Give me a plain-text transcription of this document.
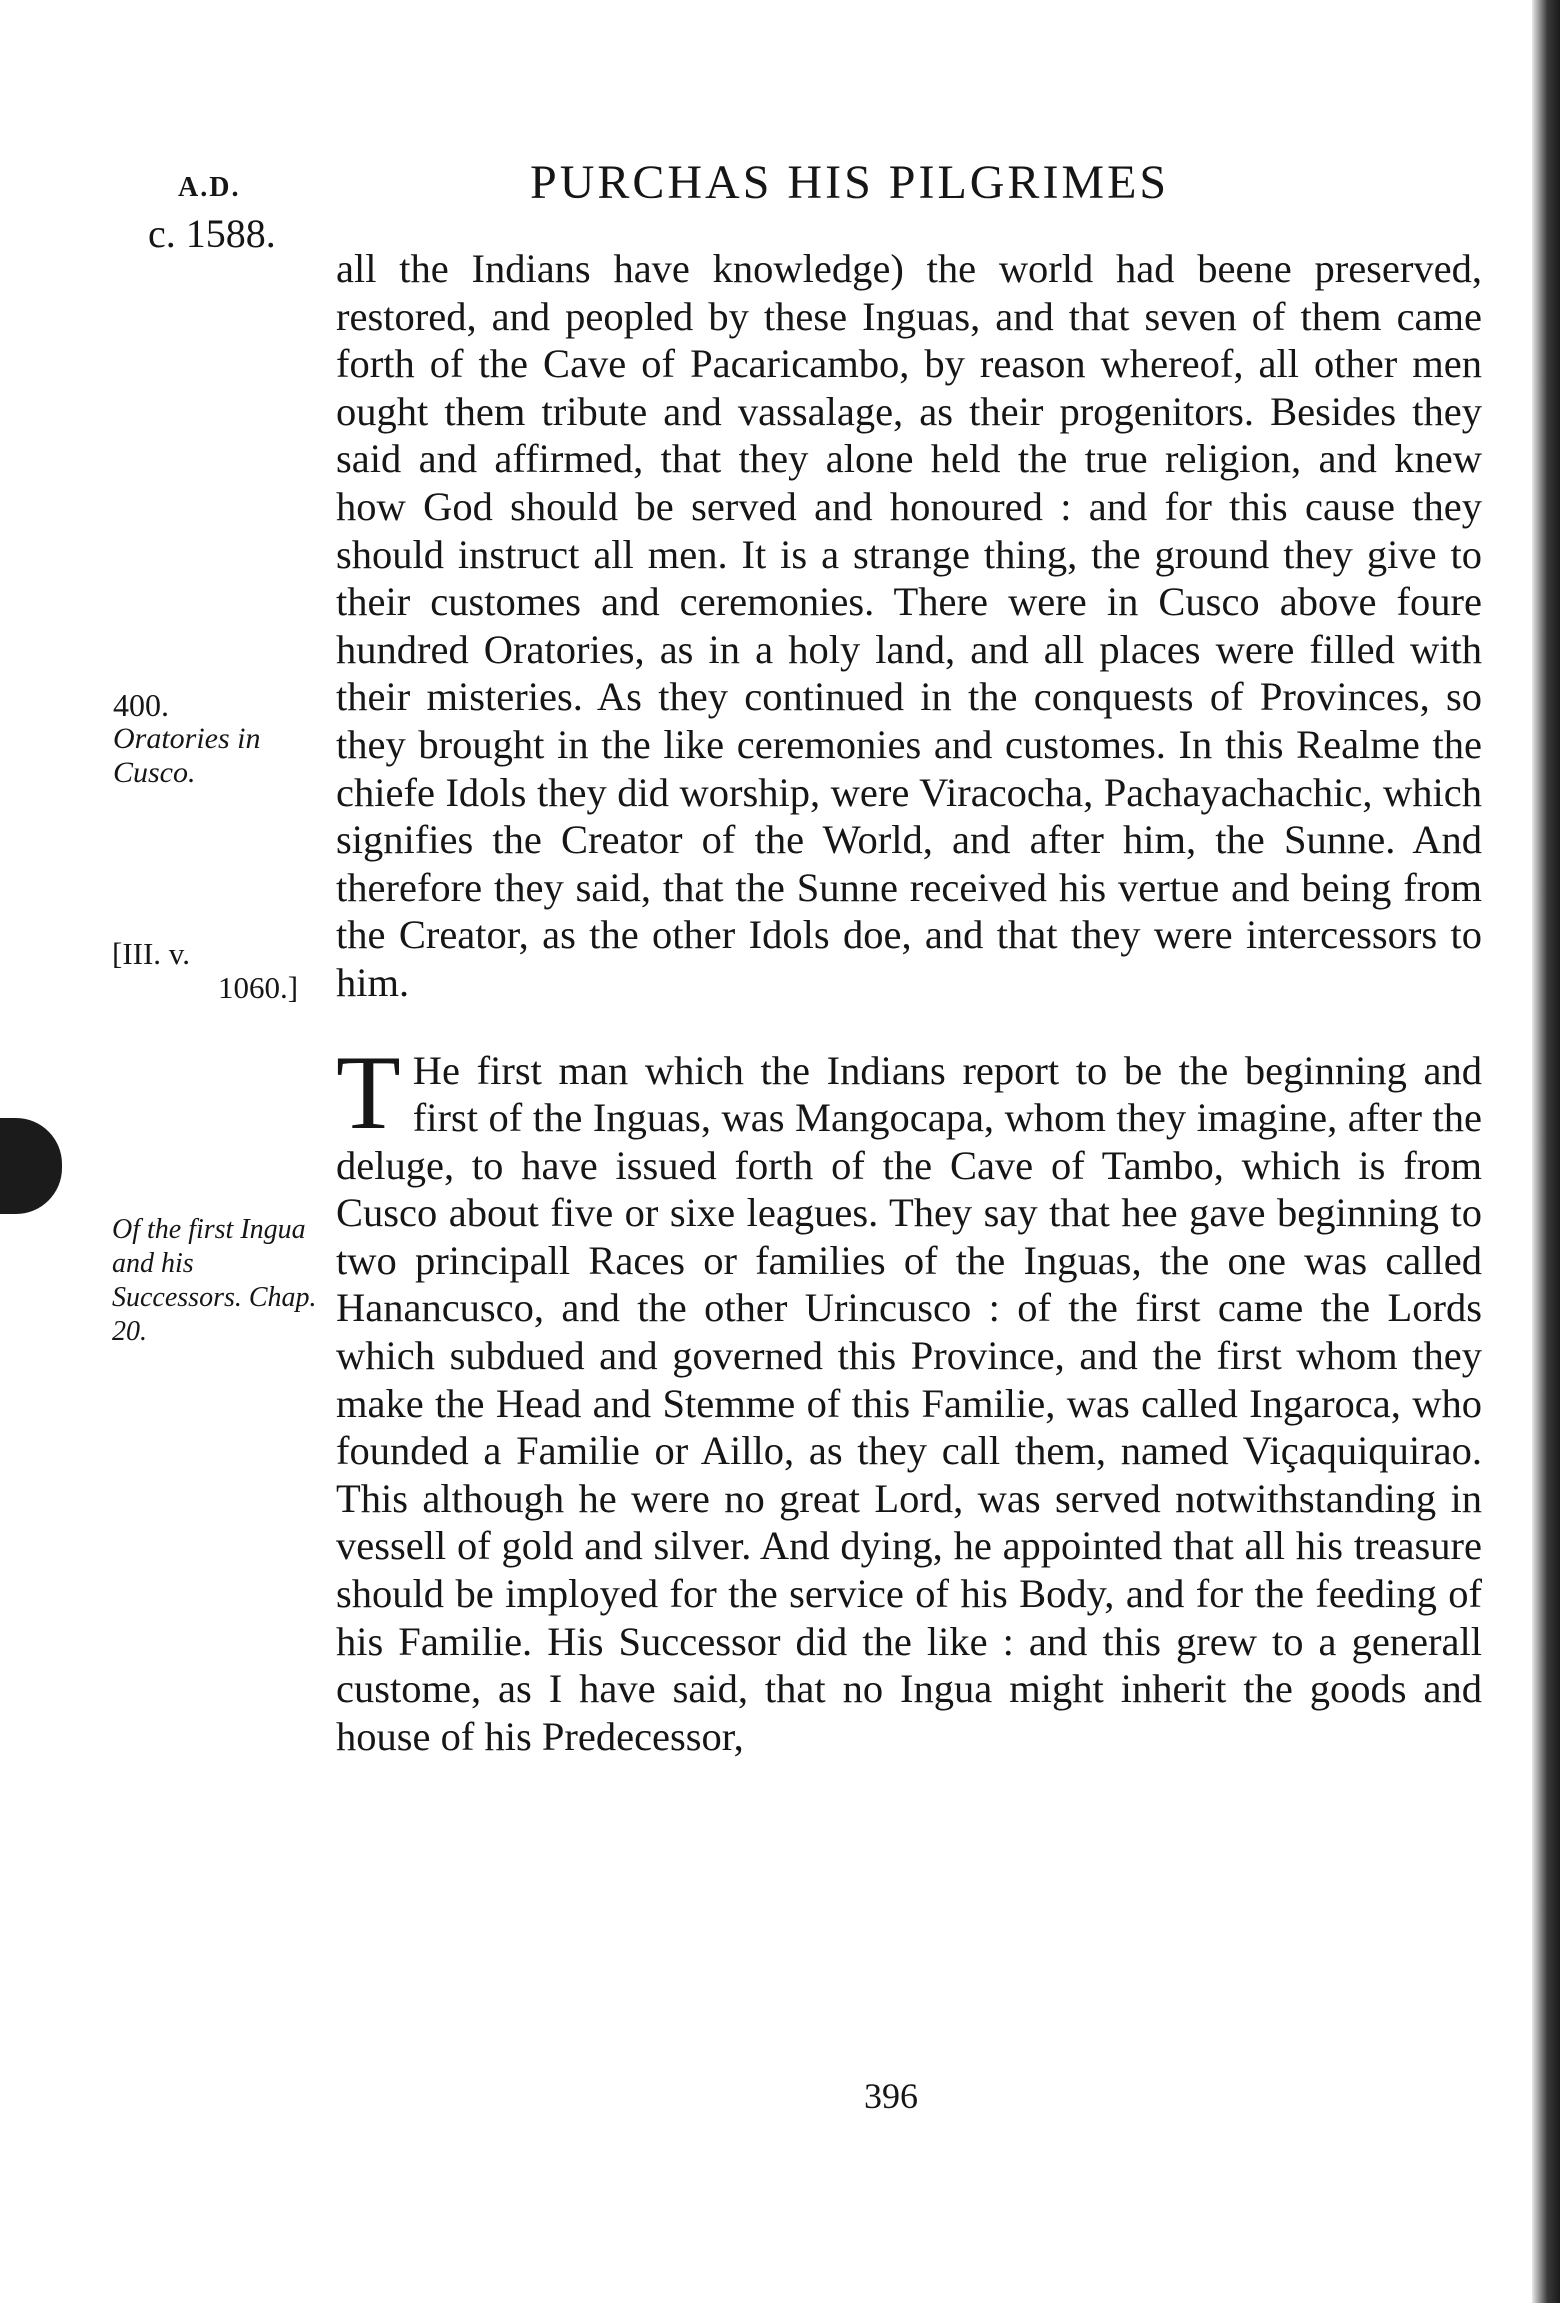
A.D.
c. 1588.
PURCHAS HIS PILGRIMES
400.
Oratories in Cusco.
[III. v.
1060.]
Of the first Ingua and his Successors. Chap. 20.

all the Indians have knowledge) the world had beene preserved, restored, and peopled by these Inguas, and that seven of them came forth of the Cave of Pacaricambo, by reason whereof, all other men ought them tribute and vassalage, as their progenitors. Besides they said and affirmed, that they alone held the true religion, and knew how God should be served and honoured : and for this cause they should instruct all men. It is a strange thing, the ground they give to their customes and ceremonies. There were in Cusco above foure hundred Oratories, as in a holy land, and all places were filled with their misteries. As they continued in the conquests of Provinces, so they brought in the like ceremonies and customes. In this Realme the chiefe Idols they did worship, were Viracocha, Pachayachachic, which signifies the Creator of the World, and after him, the Sunne. And therefore they said, that the Sunne received his vertue and being from the Creator, as the other Idols doe, and that they were intercessors to him.

T He first man which the Indians report to be the beginning and first of the Inguas, was Mangocapa, whom they imagine, after the deluge, to have issued forth of the Cave of Tambo, which is from Cusco about five or sixe leagues. They say that hee gave beginning to two principall Races or families of the Inguas, the one was called Hanancusco, and the other Urincusco : of the first came the Lords which subdued and governed this Province, and the first whom they make the Head and Stemme of this Familie, was called Ingaroca, who founded a Familie or Aillo, as they call them, named Viçaquiquirao. This although he were no great Lord, was served notwithstanding in vessell of gold and silver. And dying, he appointed that all his treasure should be imployed for the service of his Body, and for the feeding of his Familie. His Successor did the like : and this grew to a generall custome, as I have said, that no Ingua might inherit the goods and house of his Predecessor,

396
